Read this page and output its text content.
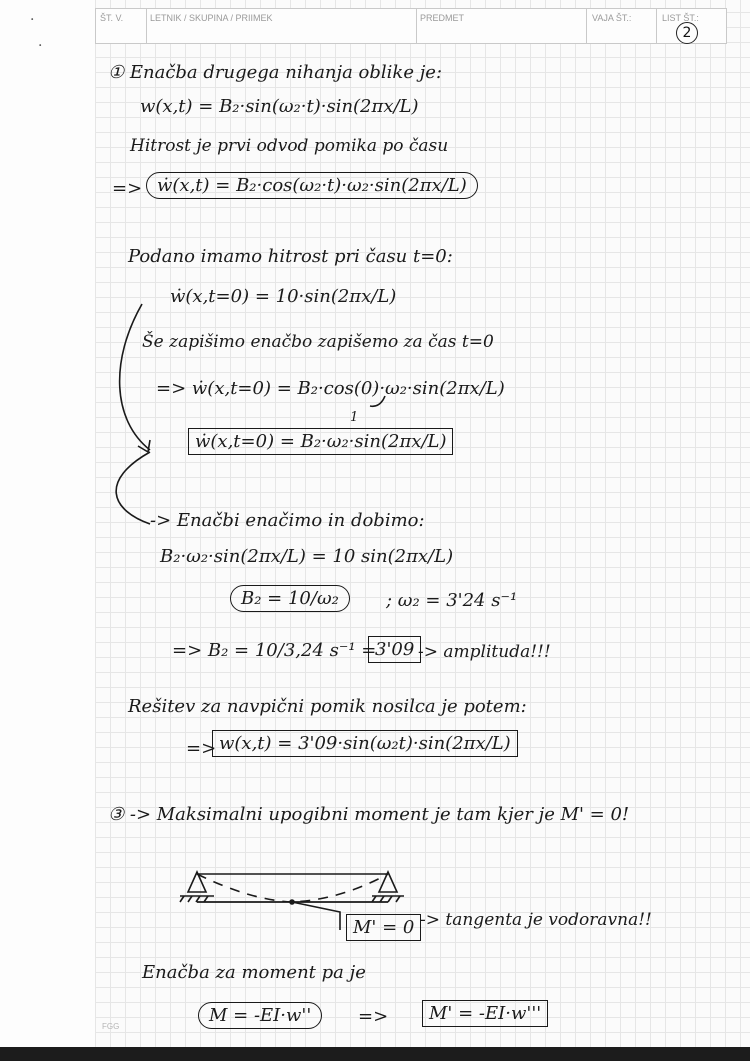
·
·
ŠT. V.	LETNIK / SKUPINA / PRIIMEK	PREDMET	VAJA ŠT.:	LIST ŠT.:
2
① Enačba drugega nihanja oblike je:
w(x,t) = B₂·sin(ω₂·t)·sin(2πx/L)
Hitrost je prvi odvod pomika po času
=> ẇ(x,t) = B₂·cos(ω₂·t)·ω₂·sin(2πx/L)
Podano imamo hitrost pri času t=0:
ẇ(x,t=0) = 10·sin(2πx/L)
Še zapišimo enačbo zapišemo za čas t=0
=> ẇ(x,t=0) = B₂·cos(0)·ω₂·sin(2πx/L)
1
ẇ(x,t=0) = B₂·ω₂·sin(2πx/L)
-> Enačbi enačimo in dobimo:
B₂·ω₂·sin(2πx/L) = 10 sin(2πx/L)
B₂ = 10/ω₂	; ω₂ = 3'24 s⁻¹
=> B₂ = 10/3,24 s⁻¹ =
3'09 -> amplituda!!!
Rešitev za navpični pomik nosilca je potem:
=> w(x,t) = 3'09·sin(ω₂t)·sin(2πx/L)
③ -> Maksimalni upogibni moment je tam kjer je M' = 0!
M' = 0 -> tangenta je vodoravna!!
Enačba za moment pa je
M = -EI·w''	=>	M' = -EI·w'''
FGG
